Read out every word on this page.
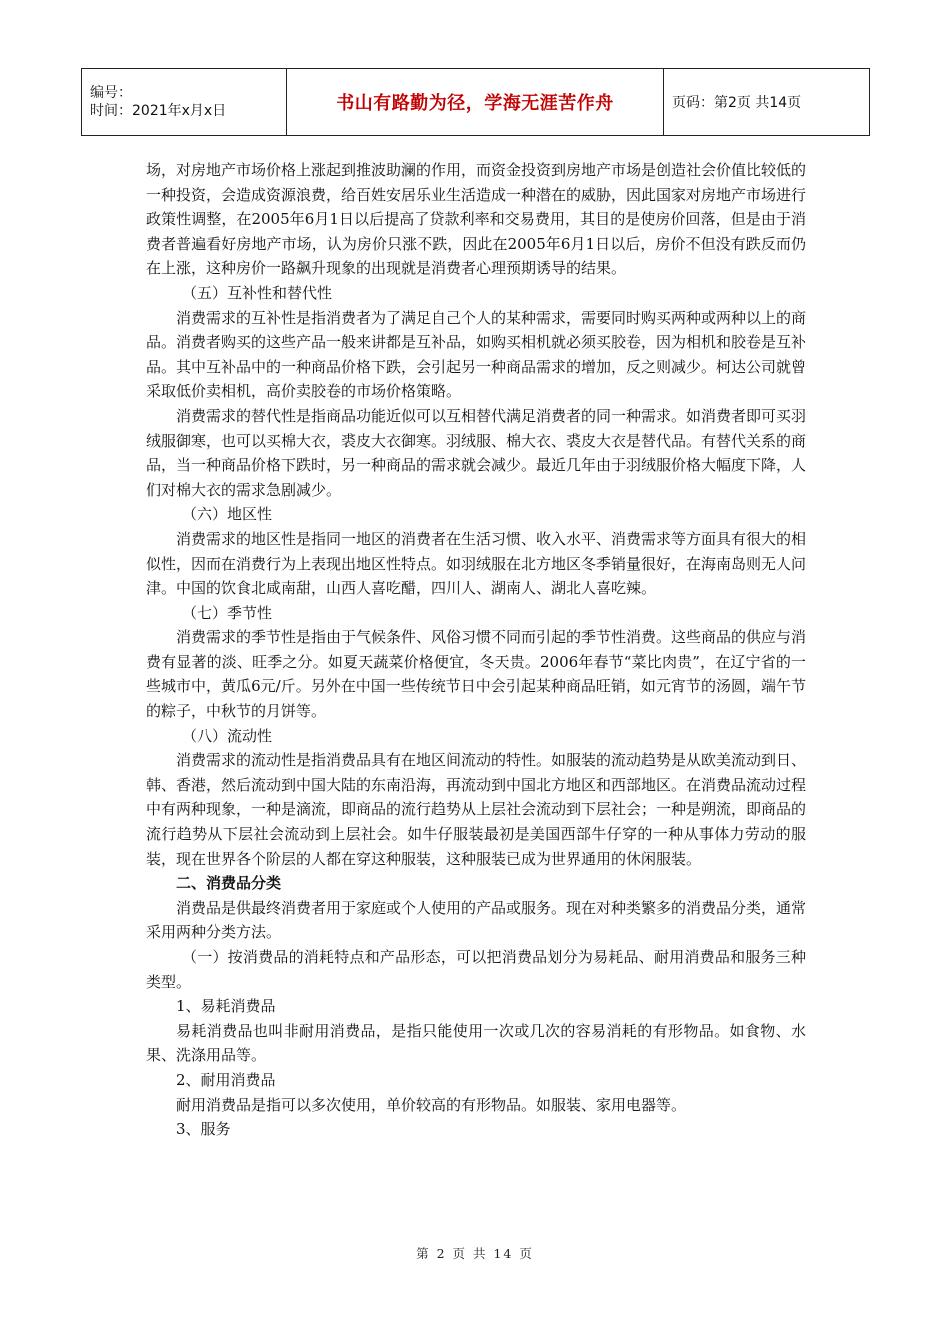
编号：
时间：2021年x月x日	书山有路勤为径，学海无涯苦作舟	页码：第2页 共14页

场，对房地产市场价格上涨起到推波助澜的作用，而资金投资到房地产市场是创造社会价值比较低的一种投资，会造成资源浪费，给百姓安居乐业生活造成一种潜在的威胁，因此国家对房地产市场进行政策性调整，在2005年6月1日以后提高了贷款利率和交易费用，其目的是使房价回落，但是由于消费者普遍看好房地产市场，认为房价只涨不跌，因此在2005年6月1日以后，房价不但没有跌反而仍在上涨，这种房价一路飙升现象的出现就是消费者心理预期诱导的结果。

（五）互补性和替代性

消费需求的互补性是指消费者为了满足自己个人的某种需求，需要同时购买两种或两种以上的商品。消费者购买的这些产品一般来讲都是互补品，如购买相机就必须买胶卷，因为相机和胶卷是互补品。其中互补品中的一种商品价格下跌，会引起另一种商品需求的增加，反之则减少。柯达公司就曾采取低价卖相机，高价卖胶卷的市场价格策略。

消费需求的替代性是指商品功能近似可以互相替代满足消费者的同一种需求。如消费者即可买羽绒服御寒，也可以买棉大衣，裘皮大衣御寒。羽绒服、棉大衣、裘皮大衣是替代品。有替代关系的商品，当一种商品价格下跌时，另一种商品的需求就会减少。最近几年由于羽绒服价格大幅度下降，人们对棉大衣的需求急剧减少。

（六）地区性

消费需求的地区性是指同一地区的消费者在生活习惯、收入水平、消费需求等方面具有很大的相似性，因而在消费行为上表现出地区性特点。如羽绒服在北方地区冬季销量很好，在海南岛则无人问津。中国的饮食北咸南甜，山西人喜吃醋，四川人、湖南人、湖北人喜吃辣。

（七）季节性

消费需求的季节性是指由于气候条件、风俗习惯不同而引起的季节性消费。这些商品的供应与消费有显著的淡、旺季之分。如夏天蔬菜价格便宜，冬天贵。2006年春节“菜比肉贵”，在辽宁省的一些城市中，黄瓜6元/斤。另外在中国一些传统节日中会引起某种商品旺销，如元宵节的汤圆，端午节的粽子，中秋节的月饼等。

（八）流动性

消费需求的流动性是指消费品具有在地区间流动的特性。如服装的流动趋势是从欧美流动到日、韩、香港，然后流动到中国大陆的东南沿海，再流动到中国北方地区和西部地区。在消费品流动过程中有两种现象，一种是滴流，即商品的流行趋势从上层社会流动到下层社会；一种是朔流，即商品的流行趋势从下层社会流动到上层社会。如牛仔服装最初是美国西部牛仔穿的一种从事体力劳动的服装，现在世界各个阶层的人都在穿这种服装，这种服装已成为世界通用的休闲服装。

二、消费品分类

消费品是供最终消费者用于家庭或个人使用的产品或服务。现在对种类繁多的消费品分类，通常采用两种分类方法。

（一）按消费品的消耗特点和产品形态，可以把消费品划分为易耗品、耐用消费品和服务三种类型。

1、易耗消费品

易耗消费品也叫非耐用消费品，是指只能使用一次或几次的容易消耗的有形物品。如食物、水果、洗涤用品等。

2、耐用消费品

耐用消费品是指可以多次使用，单价较高的有形物品。如服装、家用电器等。

3、服务

第 2 页 共 14 页
